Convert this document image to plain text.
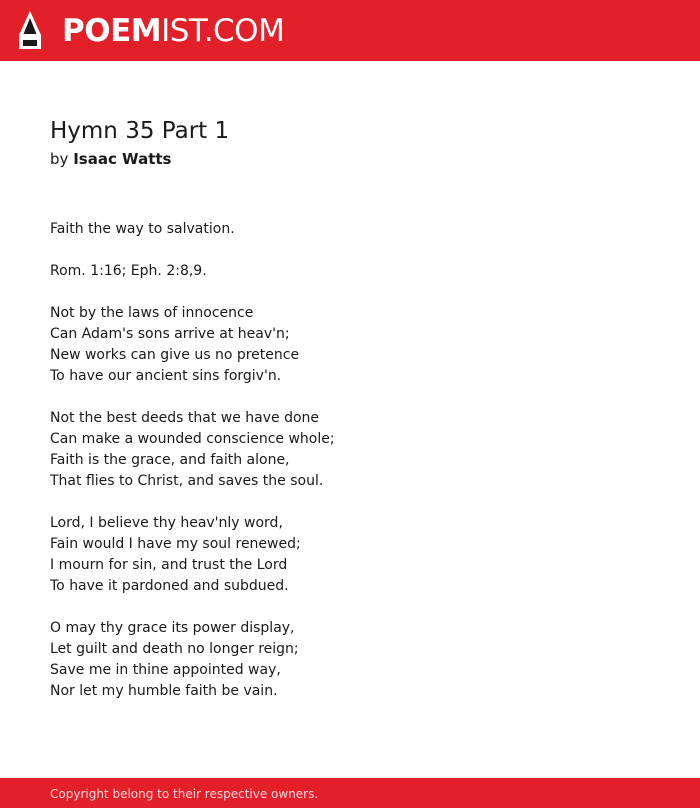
POEMIST.COM
Hymn 35 Part 1
by Isaac Watts
Faith the way to salvation.
Rom. 1:16; Eph. 2:8,9.
Not by the laws of innocence
Can Adam's sons arrive at heav'n;
New works can give us no pretence
To have our ancient sins forgiv'n.
Not the best deeds that we have done
Can make a wounded conscience whole;
Faith is the grace, and faith alone,
That flies to Christ, and saves the soul.
Lord, I believe thy heav'nly word,
Fain would I have my soul renewed;
I mourn for sin, and trust the Lord
To have it pardoned and subdued.
O may thy grace its power display,
Let guilt and death no longer reign;
Save me in thine appointed way,
Nor let my humble faith be vain.
Copyright belong to their respective owners.
